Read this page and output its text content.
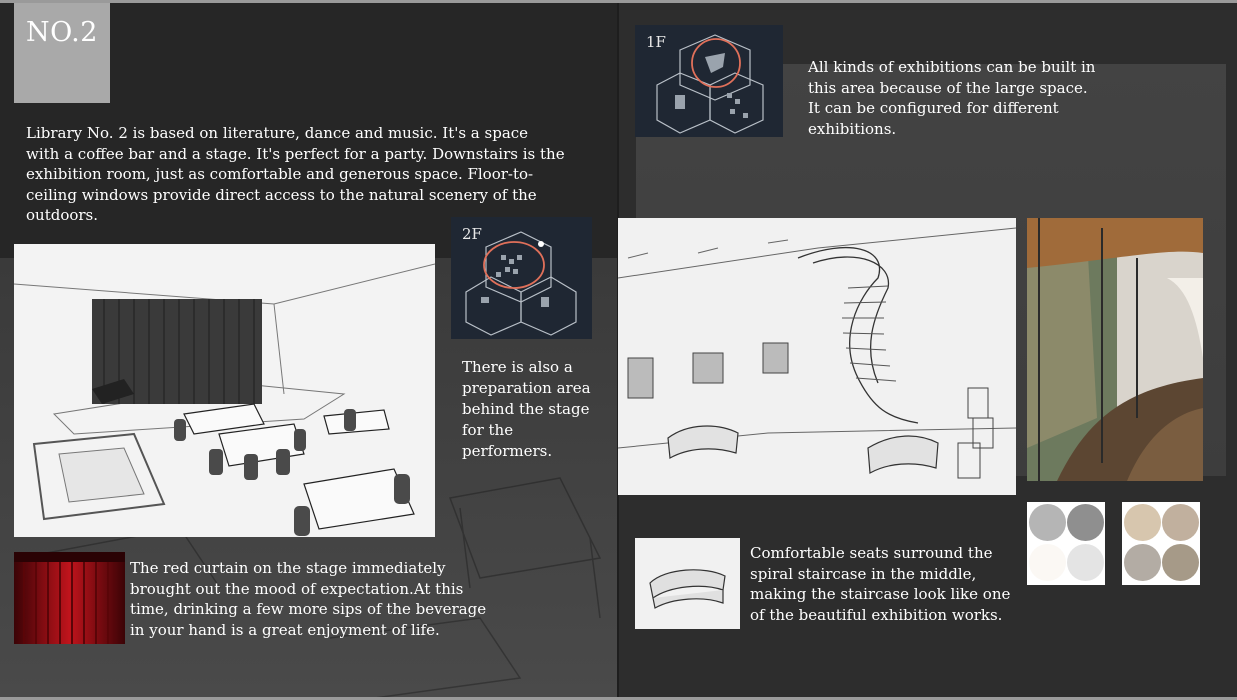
NO.2

Library No. 2 is based on literature, dance and music. It's a space with a coffee bar and a stage. It's perfect for a party. Downstairs is the exhibition room, just as comfortable and generous space. Floor-to-ceiling windows provide direct access to the natural scenery of the outdoors.

2F

There is also a preparation area behind the stage for the performers.

The red curtain on the stage immediately brought out the mood of expectation.At this time, drinking a few more sips of the beverage in your hand is a great enjoyment of life.

1F

All kinds of exhibitions can be built in this area because of the large space. It can be configured for different exhibitions.

Comfortable seats surround the spiral staircase in the middle, making the staircase look like one of the beautiful exhibition works.
